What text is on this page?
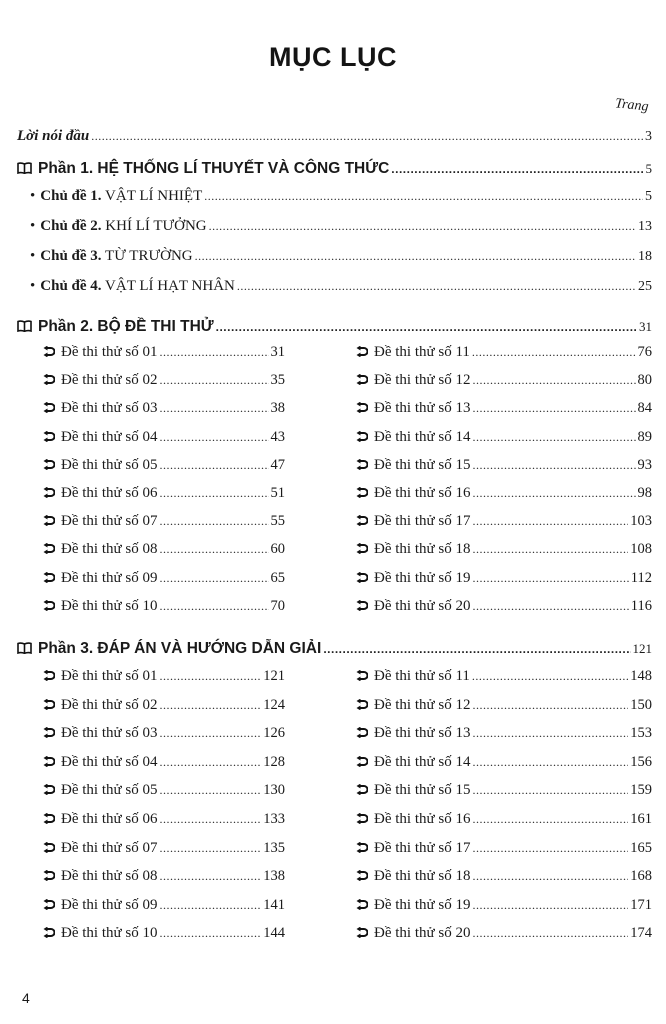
MỤC LỤC
Trang
Lời nói đầu .....	3
Phần 1. HỆ THỐNG LÍ THUYẾT VÀ CÔNG THỨC .....	5
• Chủ đề 1. VẬT LÍ NHIỆT .....	5
• Chủ đề 2. KHÍ LÍ TƯỞNG .....	13
• Chủ đề 3. TỪ TRƯỜNG .....	18
• Chủ đề 4. VẬT LÍ HẠT NHÂN .....	25
Phần 2. BỘ ĐỀ THI THỬ .....	31
Đề thi thử số 01 .....	31
Đề thi thử số 02 .....	35
Đề thi thử số 03 .....	38
Đề thi thử số 04 .....	43
Đề thi thử số 05 .....	47
Đề thi thử số 06 .....	51
Đề thi thử số 07 .....	55
Đề thi thử số 08 .....	60
Đề thi thử số 09 .....	65
Đề thi thử số 10 .....	70
Đề thi thử số 11 .....	76
Đề thi thử số 12 .....	80
Đề thi thử số 13 .....	84
Đề thi thử số 14 .....	89
Đề thi thử số 15 .....	93
Đề thi thử số 16 .....	98
Đề thi thử số 17 .....	103
Đề thi thử số 18 .....	108
Đề thi thử số 19 .....	112
Đề thi thử số 20 .....	116
Phần 3. ĐÁP ÁN VÀ HƯỚNG DẪN GIẢI .....	121
Đề thi thử số 01 .....	121
Đề thi thử số 02 .....	124
Đề thi thử số 03 .....	126
Đề thi thử số 04 .....	128
Đề thi thử số 05 .....	130
Đề thi thử số 06 .....	133
Đề thi thử số 07 .....	135
Đề thi thử số 08 .....	138
Đề thi thử số 09 .....	141
Đề thi thử số 10 .....	144
Đề thi thử số 11 .....	148
Đề thi thử số 12 .....	150
Đề thi thử số 13 .....	153
Đề thi thử số 14 .....	156
Đề thi thử số 15 .....	159
Đề thi thử số 16 .....	161
Đề thi thử số 17 .....	165
Đề thi thử số 18 .....	168
Đề thi thử số 19 .....	171
Đề thi thử số 20 .....	174
4
